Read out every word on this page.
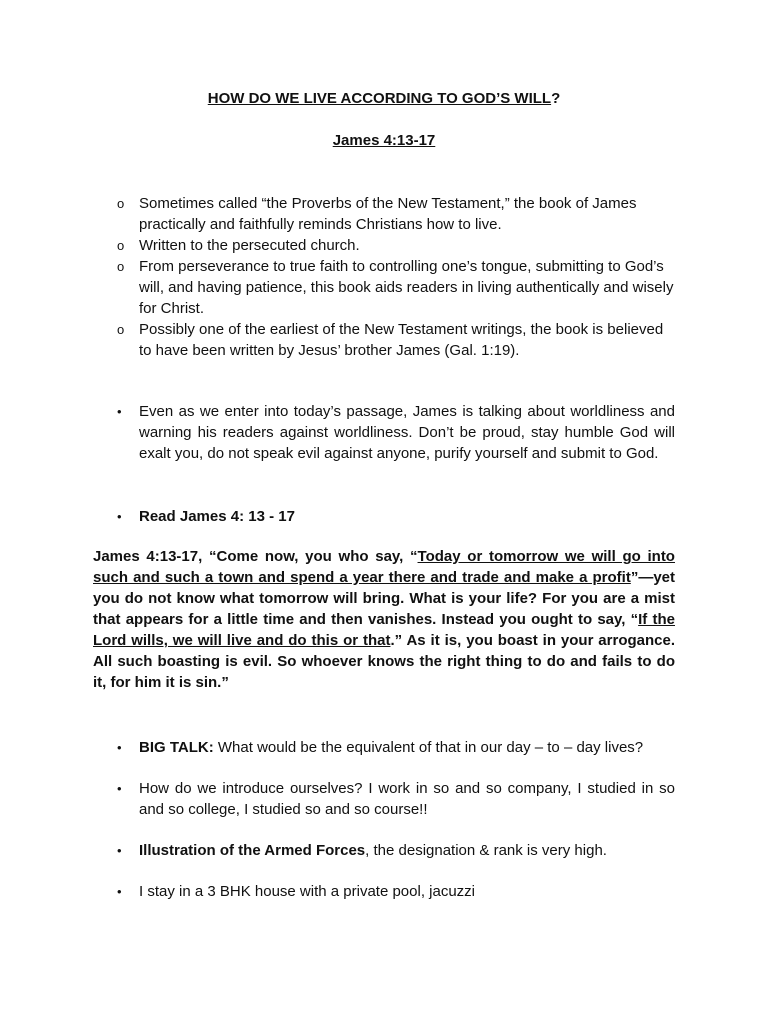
HOW DO WE LIVE ACCORDING TO GOD’S WILL?
James 4:13-17
o Sometimes called “the Proverbs of the New Testament,” the book of James practically and faithfully reminds Christians how to live.
o Written to the persecuted church.
o From perseverance to true faith to controlling one’s tongue, submitting to God’s will, and having patience, this book aids readers in living authentically and wisely for Christ.
o Possibly one of the earliest of the New Testament writings, the book is believed to have been written by Jesus’ brother James (Gal. 1:19).
•	Even as we enter into today’s passage, James is talking about worldliness and warning his readers against worldliness. Don’t be proud, stay humble God will exalt you, do not speak evil against anyone, purify yourself and submit to God.
•	Read James 4: 13 - 17
James 4:13-17, “Come now, you who say, “Today or tomorrow we will go into such and such a town and spend a year there and trade and make a profit”—yet you do not know what tomorrow will bring. What is your life? For you are a mist that appears for a little time and then vanishes. Instead you ought to say, “If the Lord wills, we will live and do this or that.” As it is, you boast in your arrogance. All such boasting is evil. So whoever knows the right thing to do and fails to do it, for him it is sin.”
•	BIG TALK: What would be the equivalent of that in our day – to – day lives?
•	How do we introduce ourselves? I work in so and so company, I studied in so and so college, I studied so and so course!!
•	Illustration of the Armed Forces, the designation & rank is very high.
•	I stay in a 3 BHK house with a private pool, jacuzzi
